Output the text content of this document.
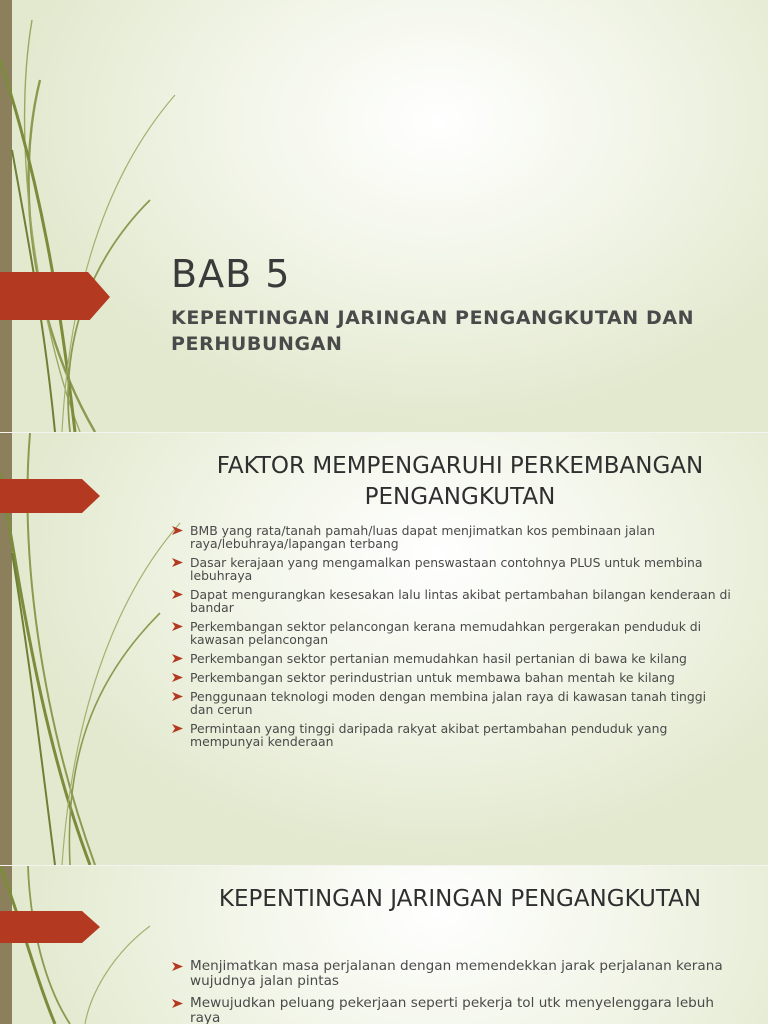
BAB 5
KEPENTINGAN JARINGAN PENGANGKUTAN DAN PERHUBUNGAN
FAKTOR MEMPENGARUHI PERKEMBANGAN PENGANGKUTAN
BMB yang rata/tanah pamah/luas dapat menjimatkan kos pembinaan jalan raya/lebuhraya/lapangan terbang
Dasar kerajaan yang mengamalkan penswastaan contohnya PLUS untuk membina lebuhraya
Dapat mengurangkan kesesakan lalu lintas akibat pertambahan bilangan kenderaan di bandar
Perkembangan sektor pelancongan kerana memudahkan pergerakan penduduk di kawasan pelancongan
Perkembangan sektor pertanian memudahkan hasil pertanian di bawa ke kilang
Perkembangan sektor perindustrian untuk membawa bahan mentah ke kilang
Penggunaan teknologi moden dengan membina jalan raya di kawasan tanah tinggi dan cerun
Permintaan yang tinggi daripada rakyat akibat pertambahan penduduk yang mempunyai kenderaan
KEPENTINGAN JARINGAN PENGANGKUTAN
Menjimatkan masa perjalanan dengan memendekkan jarak perjalanan kerana wujudnya jalan pintas
Mewujudkan peluang pekerjaan seperti pekerja tol utk menyelenggara lebuh raya
